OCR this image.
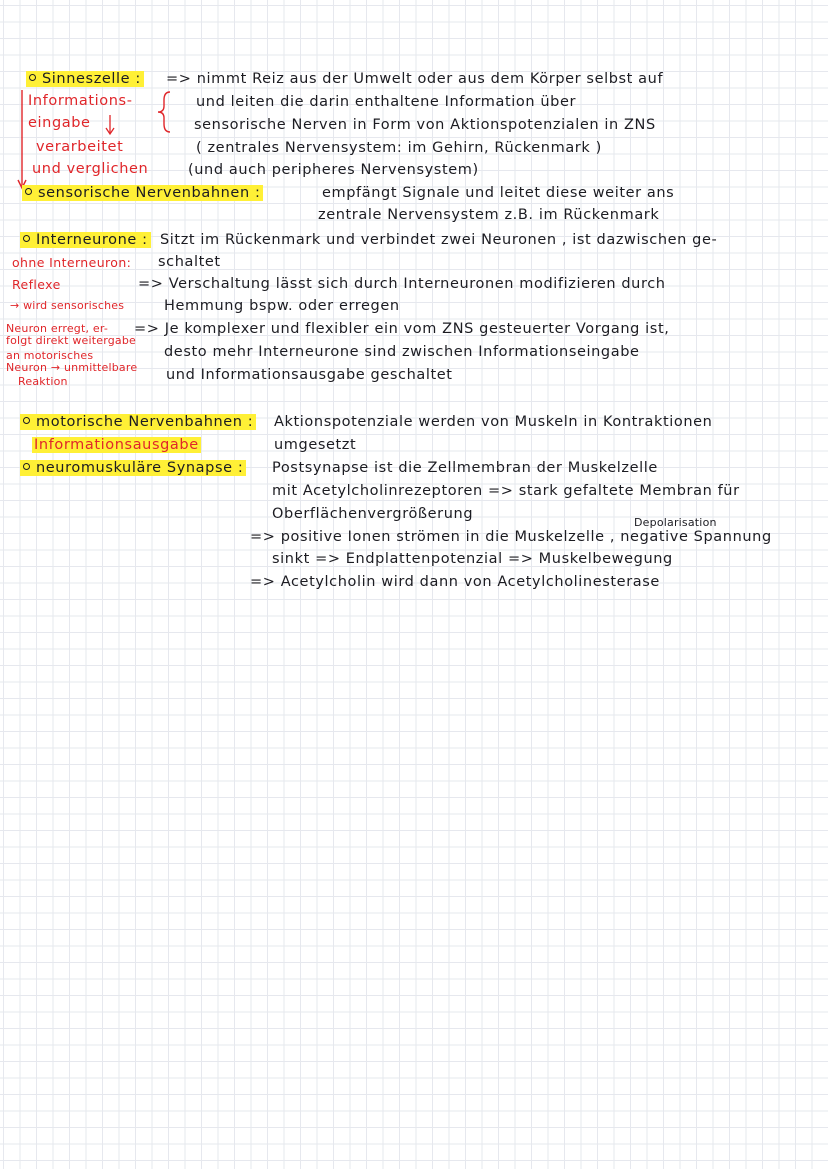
Sinneszelle : => nimmt Reiz aus der Umwelt oder aus dem Körper selbst auf
und leiten die darin enthaltene Information über
sensorische Nerven in Form von Aktionspotenzialen in ZNS
( zentrales Nervensystem: im Gehirn, Rückenmark )
(und auch peripheres Nervensystem)
Informations-
eingabe
verarbeitet
und verglichen
sensorische Nervenbahnen :	empfängt Signale und leitet diese weiter ans
zentrale Nervensystem z.B. im Rückenmark
Interneurone : Sitzt im Rückenmark und verbindet zwei Neuronen , ist dazwischen ge-
schaltet
ohne Interneuron:
Reflexe
→ wird sensorisches
Neuron erregt, er-
folgt direkt weitergabe
an motorisches
Neuron → unmittelbare
Reaktion
=> Verschaltung lässt sich durch Interneuronen modifizieren durch
Hemmung bspw. oder erregen
=> Je komplexer und flexibler ein vom ZNS gesteuerter Vorgang ist,
desto mehr Interneurone sind zwischen Informationseingabe
und Informationsausgabe geschaltet
motorische Nervenbahnen : Aktionspotenziale werden von Muskeln in Kontraktionen
umgesetzt
Informationsausgabe
neuromuskuläre Synapse : Postsynapse ist die Zellmembran der Muskelzelle
mit Acetylcholinrezeptoren => stark gefaltete Membran für
Oberflächenvergrößerung
Depolarisation
=> positive Ionen strömen in die Muskelzelle , negative Spannung
sinkt => Endplattenpotenzial => Muskelbewegung
=> Acetylcholin wird dann von Acetylcholinesterase
